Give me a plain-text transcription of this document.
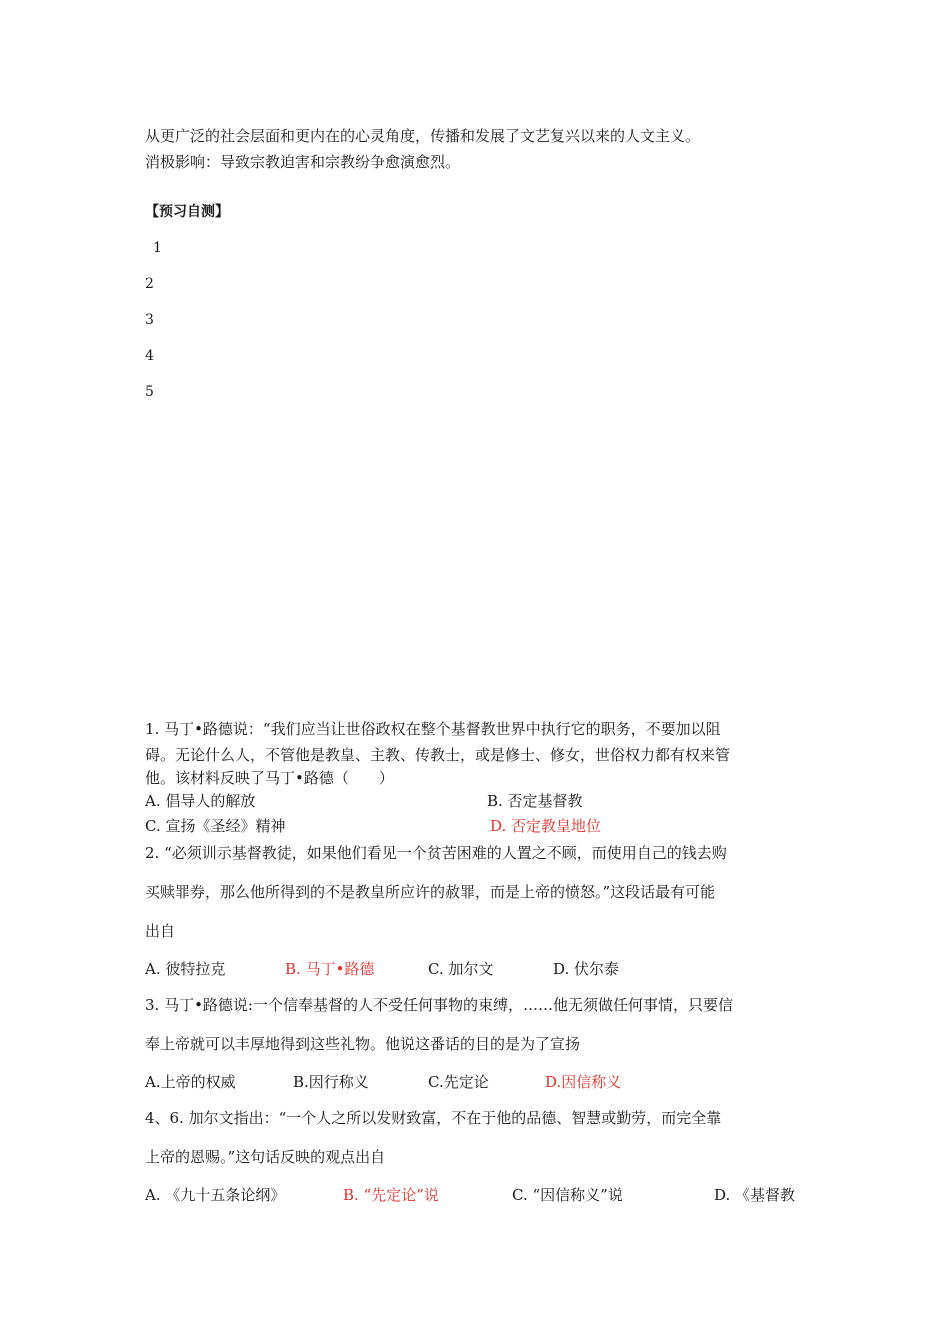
从更广泛的社会层面和更内在的心灵角度，传播和发展了文艺复兴以来的人文主义。
消极影响：导致宗教迫害和宗教纷争愈演愈烈。
【预习自测】
1
2
3
4
5
1. 马丁•路德说：“我们应当让世俗政权在整个基督教世界中执行它的职务，不要加以阻
碍。无论什么人，不管他是教皇、主教、传教士，或是修士、修女，世俗权力都有权来管
他。该材料反映了马丁•路德（　　）
A. 倡导人的解放	B. 否定基督教
C. 宣扬《圣经》精神	D. 否定教皇地位
2. “必须训示基督教徒，如果他们看见一个贫苦困难的人置之不顾，而使用自己的钱去购
买赎罪券，那么他所得到的不是教皇所应许的赦罪，而是上帝的愤怒。”这段话最有可能
出自
A. 彼特拉克	B. 马丁•路德	C. 加尔文	D. 伏尔泰
3. 马丁•路德说:一个信奉基督的人不受任何事物的束缚，……他无须做任何事情，只要信
奉上帝就可以丰厚地得到这些礼物。他说这番话的目的是为了宣扬
A.上帝的权威	B.因行称义	C.先定论	D.因信称义
4、6. 加尔文指出：“一个人之所以发财致富，不在于他的品德、智慧或勤劳，而完全靠
上帝的恩赐。”这句话反映的观点出自
A. 《九十五条论纲》	B. “先定论”说	C. “因信称义”说	D. 《基督教
